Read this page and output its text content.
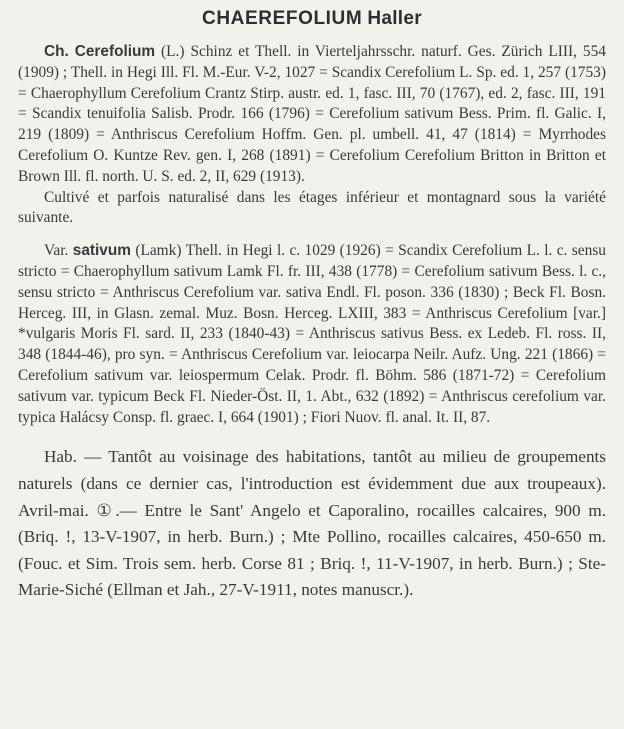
CHAEREFOLIUM Haller

Ch. Cerefolium (L.) Schinz et Thell. in Vierteljahrsschr. naturf. Ges. Zürich LIII, 554 (1909) ; Thell. in Hegi Ill. Fl. M.-Eur. V-2, 1027 = Scandix Cerefolium L. Sp. ed. 1, 257 (1753) = Chaerophyllum Cerefolium Crantz Stirp. austr. ed. 1, fasc. III, 70 (1767), ed. 2, fasc. III, 191 = Scandix tenuifolia Salisb. Prodr. 166 (1796) = Cerefolium sativum Bess. Prim. fl. Galic. I, 219 (1809) = Anthriscus Cerefolium Hoffm. Gen. pl. umbell. 41, 47 (1814) = Myrrhodes Cerefolium O. Kuntze Rev. gen. I, 268 (1891) = Cerefolium Cerefolium Britton in Britton et Brown Ill. fl. north. U. S. ed. 2, II, 629 (1913).

Cultivé et parfois naturalisé dans les étages inférieur et montagnard sous la variété suivante.

Var. sativum (Lamk) Thell. in Hegi l. c. 1029 (1926) = Scandix Cerefolium L. l. c. sensu stricto = Chaerophyllum sativum Lamk Fl. fr. III, 438 (1778) = Cerefolium sativum Bess. l. c., sensu stricto = Anthriscus Cerefolium var. sativa Endl. Fl. poson. 336 (1830) ; Beck Fl. Bosn. Herceg. III, in Glasn. zemal. Muz. Bosn. Herceg. LXIII, 383 = Anthriscus Cerefolium [var.] *vulgaris Moris Fl. sard. II, 233 (1840-43) = Anthriscus sativus Bess. ex Ledeb. Fl. ross. II, 348 (1844-46), pro syn. = Anthriscus Cerefolium var. leiocarpa Neilr. Aufz. Ung. 221 (1866) = Cerefolium sativum var. leiospermum Celak. Prodr. fl. Böhm. 586 (1871-72) = Cerefolium sativum var. typicum Beck Fl. Nieder-Öst. II, 1. Abt., 632 (1892) = Anthriscus cerefolium var. typica Halácsy Consp. fl. graec. I, 664 (1901) ; Fiori Nuov. fl. anal. It. II, 87.

Hab. — Tantôt au voisinage des habitations, tantôt au milieu de groupements naturels (dans ce dernier cas, l'introduction est évidemment due aux troupeaux). Avril-mai. ①.— Entre le Sant' Angelo et Caporalino, rocailles calcaires, 900 m. (Briq. !, 13-V-1907, in herb. Burn.) ; Mte Pollino, rocailles calcaires, 450-650 m. (Fouc. et Sim. Trois sem. herb. Corse 81 ; Briq. !, 11-V-1907, in herb. Burn.) ; Ste-Marie-Siché (Ellman et Jah., 27-V-1911, notes manuscr.).
